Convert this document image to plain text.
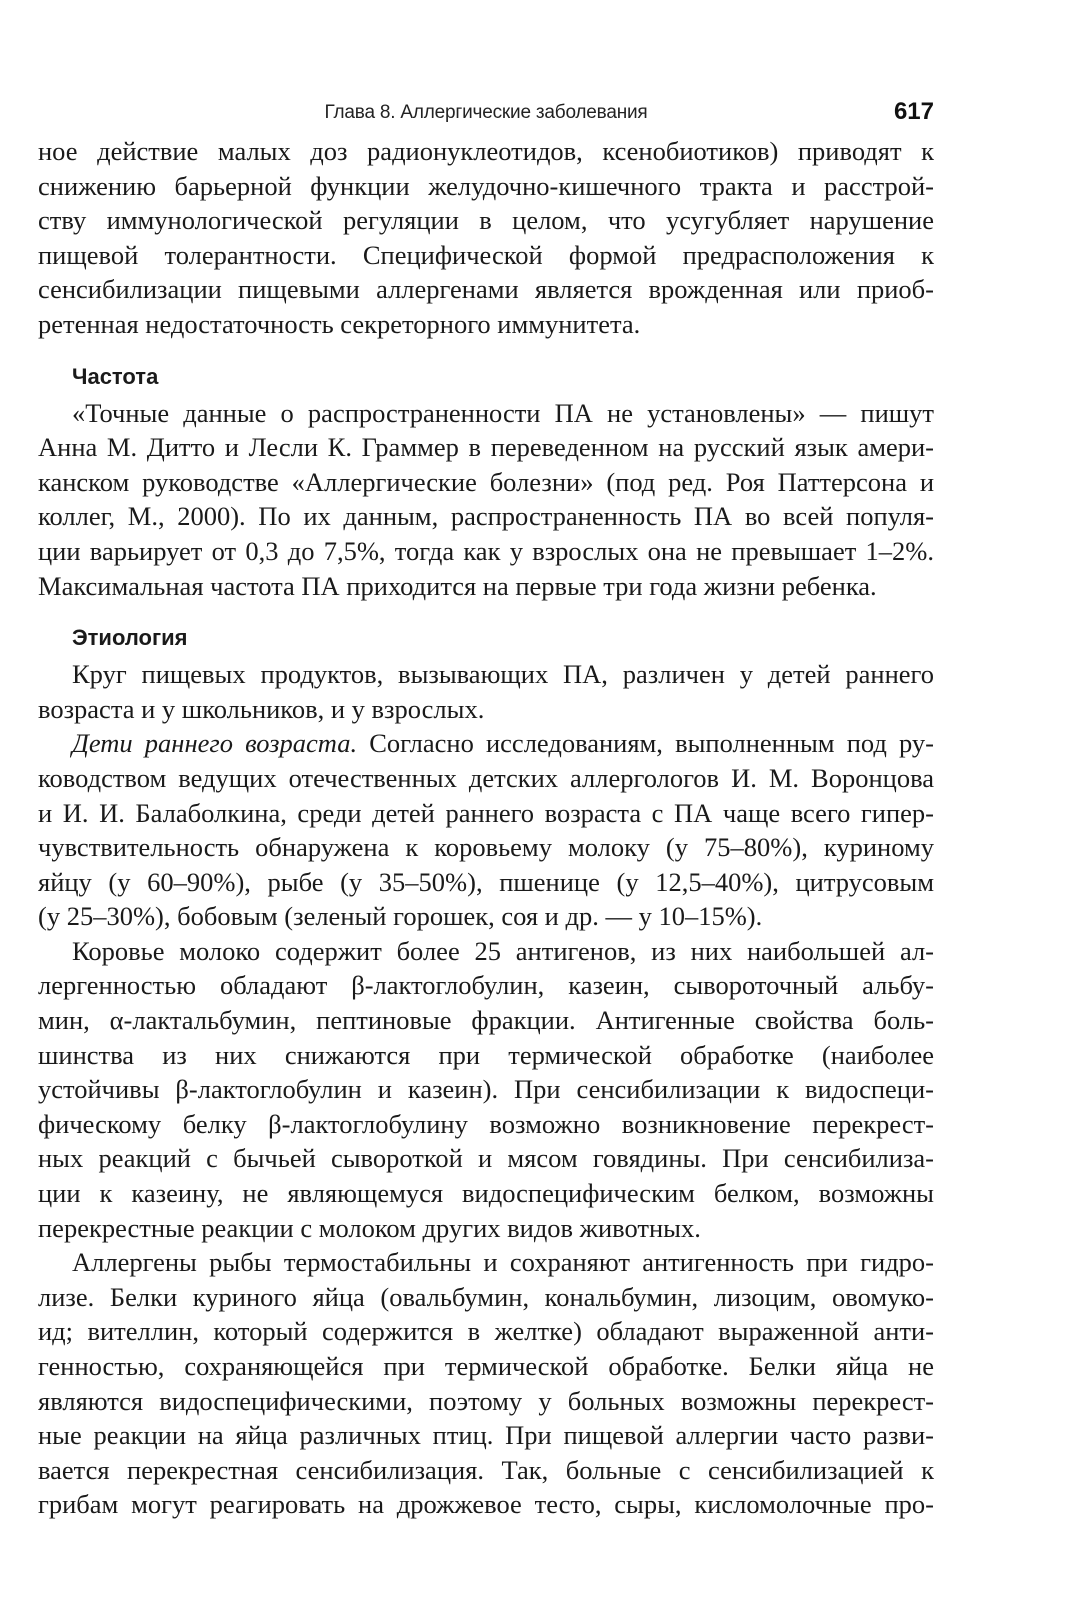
Глава 8. Аллергические заболевания	617

ное действие малых доз радионуклеотидов, ксенобиотиков) приводят к
снижению барьерной функции желудочно-кишечного тракта и расстрой-
ству иммунологической регуляции в целом, что усугубляет нарушение
пищевой толерантности. Специфической формой предрасположения к
сенсибилизации пищевыми аллергенами является врожденная или приоб-
ретенная недостаточность секреторного иммунитета.

Частота

«Точные данные о распространенности ПА не установлены» — пишут
Анна М. Дитто и Лесли К. Граммер в переведенном на русский язык амери-
канском руководстве «Аллергические болезни» (под ред. Роя Паттерсона и
коллег, М., 2000). По их данным, распространенность ПА во всей популя-
ции варьирует от 0,3 до 7,5%, тогда как у взрослых она не превышает 1–2%.
Максимальная частота ПА приходится на первые три года жизни ребенка.

Этиология

Круг пищевых продуктов, вызывающих ПА, различен у детей раннего
возраста и у школьников, и у взрослых.

Дети раннего возраста. Согласно исследованиям, выполненным под ру-
ководством ведущих отечественных детских аллергологов И. М. Воронцова
и И. И. Балаболкина, среди детей раннего возраста с ПА чаще всего гипер-
чувствительность обнаружена к коровьему молоку (у 75–80%), куриному
яйцу (у 60–90%), рыбе (у 35–50%), пшенице (у 12,5–40%), цитрусовым
(у 25–30%), бобовым (зеленый горошек, соя и др. — у 10–15%).

Коровье молоко содержит более 25 антигенов, из них наибольшей ал-
лергенностью обладают β-лактоглобулин, казеин, сывороточный альбу-
мин, α-лактальбумин, пептиновые фракции. Антигенные свойства боль-
шинства из них снижаются при термической обработке (наиболее
устойчивы β-лактоглобулин и казеин). При сенсибилизации к видоспеци-
фическому белку β-лактоглобулину возможно возникновение перекрест-
ных реакций с бычьей сывороткой и мясом говядины. При сенсибилиза-
ции к казеину, не являющемуся видоспецифическим белком, возможны
перекрестные реакции с молоком других видов животных.

Аллергены рыбы термостабильны и сохраняют антигенность при гидро-
лизе. Белки куриного яйца (овальбумин, кональбумин, лизоцим, овомуко-
ид; вителлин, который содержится в желтке) обладают выраженной анти-
генностью, сохраняющейся при термической обработке. Белки яйца не
являются видоспецифическими, поэтому у больных возможны перекрест-
ные реакции на яйца различных птиц. При пищевой аллергии часто разви-
вается перекрестная сенсибилизация. Так, больные с сенсибилизацией к
грибам могут реагировать на дрожжевое тесто, сыры, кисломолочные про-
